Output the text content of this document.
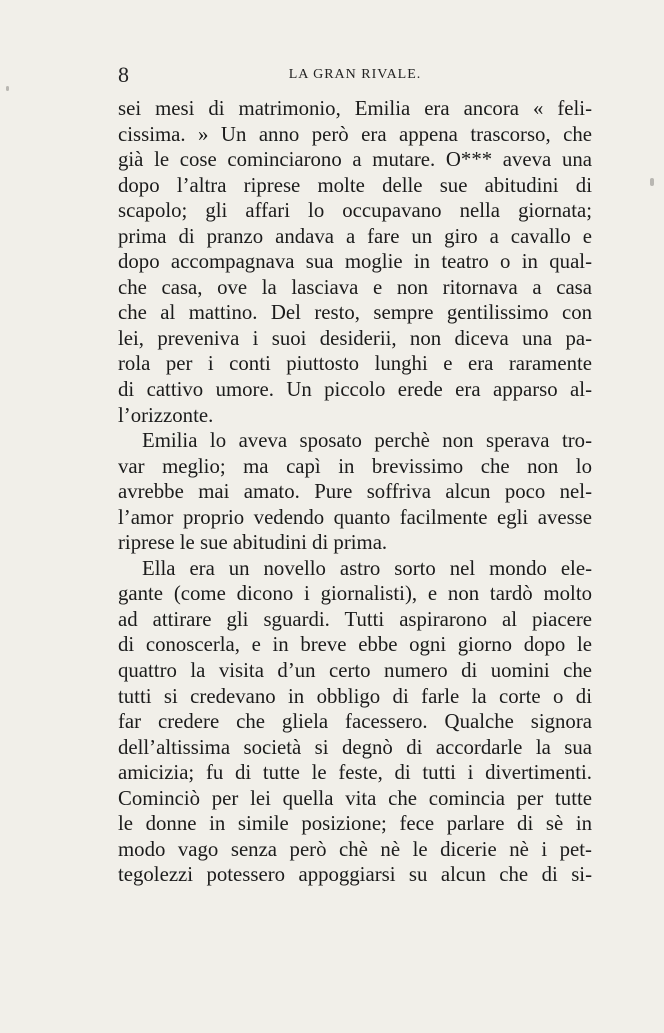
8	LA GRAN RIVALE.
sei mesi di matrimonio, Emilia era ancora « feli-
cissima. » Un anno però era appena trascorso, che
già le cose cominciarono a mutare. O*** aveva una
dopo l’altra riprese molte delle sue abitudini di
scapolo; gli affari lo occupavano nella giornata;
prima di pranzo andava a fare un giro a cavallo e
dopo accompagnava sua moglie in teatro o in qual-
che casa, ove la lasciava e non ritornava a casa
che al mattino. Del resto, sempre gentilissimo con
lei, preveniva i suoi desiderii, non diceva una pa-
rola per i conti piuttosto lunghi e era raramente
di cattivo umore. Un piccolo erede era apparso al-
l’orizzonte.
Emilia lo aveva sposato perchè non sperava tro-
var meglio; ma capì in brevissimo che non lo
avrebbe mai amato. Pure soffriva alcun poco nel-
l’amor proprio vedendo quanto facilmente egli avesse
riprese le sue abitudini di prima.
Ella era un novello astro sorto nel mondo ele-
gante (come dicono i giornalisti), e non tardò molto
ad attirare gli sguardi. Tutti aspirarono al piacere
di conoscerla, e in breve ebbe ogni giorno dopo le
quattro la visita d’un certo numero di uomini che
tutti si credevano in obbligo di farle la corte o di
far credere che gliela facessero. Qualche signora
dell’altissima società si degnò di accordarle la sua
amicizia; fu di tutte le feste, di tutti i divertimenti.
Cominciò per lei quella vita che comincia per tutte
le donne in simile posizione; fece parlare di sè in
modo vago senza però chè nè le dicerie nè i pet-
tegolezzi potessero appoggiarsi su alcun che di si-
